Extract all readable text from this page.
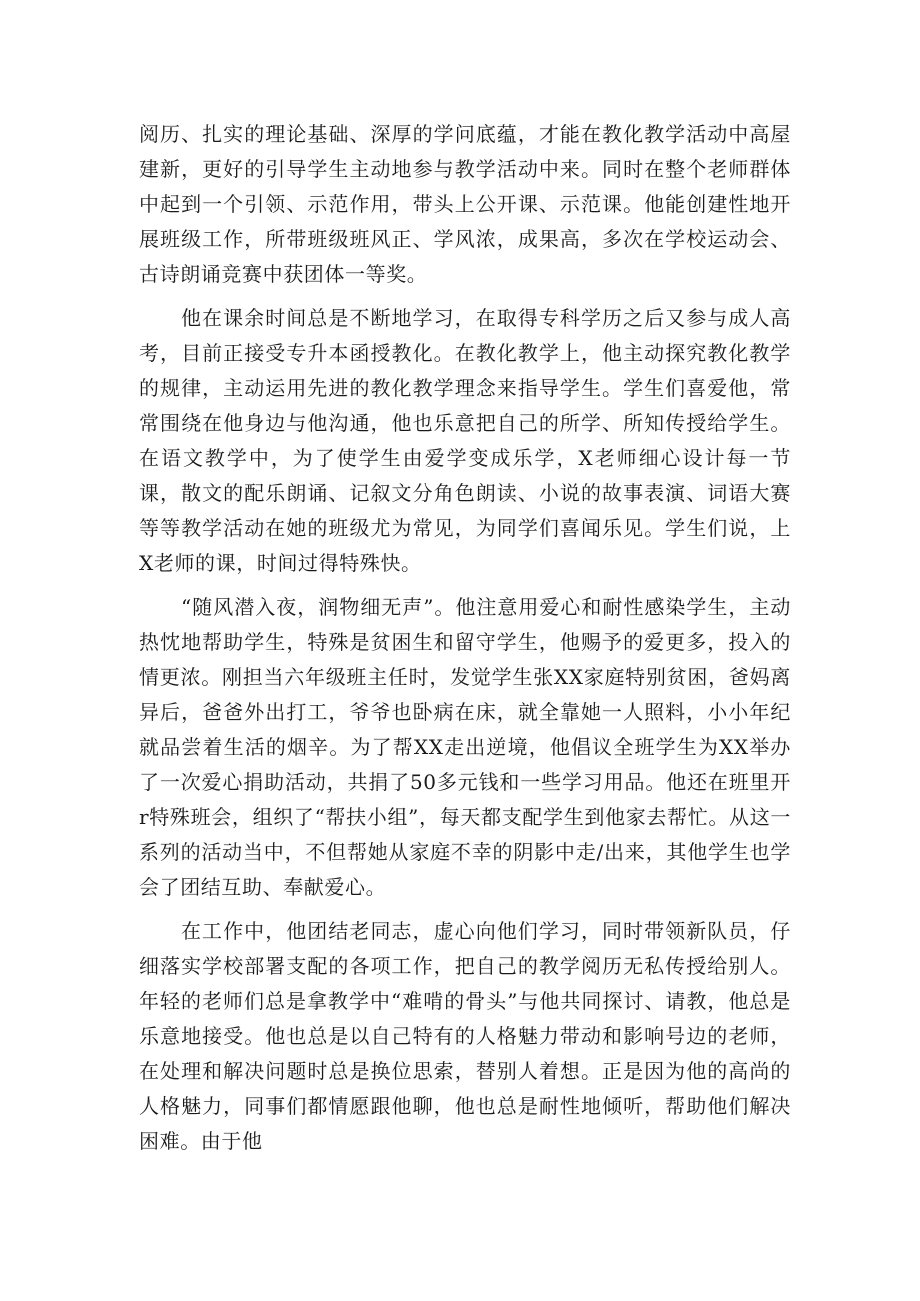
阅历、扎实的理论基础、深厚的学问底蕴，才能在教化教学活动中高屋建新，更好的引导学生主动地参与教学活动中来。同时在整个老师群体中起到一个引领、示范作用，带头上公开课、示范课。他能创建性地开展班级工作，所带班级班风正、学风浓，成果高，多次在学校运动会、古诗朗诵竞赛中获团体一等奖。

他在课余时间总是不断地学习，在取得专科学历之后又参与成人高考，目前正接受专升本函授教化。在教化教学上，他主动探究教化教学的规律，主动运用先进的教化教学理念来指导学生。学生们喜爱他，常常围绕在他身边与他沟通，他也乐意把自己的所学、所知传授给学生。在语文教学中，为了使学生由爱学变成乐学，X老师细心设计每一节课，散文的配乐朗诵、记叙文分角色朗读、小说的故事表演、词语大赛等等教学活动在她的班级尤为常见，为同学们喜闻乐见。学生们说，上X老师的课，时间过得特殊快。

“随风潜入夜，润物细无声”。他注意用爱心和耐性感染学生，主动热忱地帮助学生，特殊是贫困生和留守学生，他赐予的爱更多，投入的情更浓。刚担当六年级班主任时，发觉学生张XX家庭特别贫困，爸妈离异后，爸爸外出打工，爷爷也卧病在床，就全靠她一人照料，小小年纪就品尝着生活的烟辛。为了帮XX走出逆境，他倡议全班学生为XX举办了一次爱心捐助活动，共捐了50多元钱和一些学习用品。他还在班里开r特殊班会，组织了“帮扶小组”，每天都支配学生到他家去帮忙。从这一系列的活动当中，不但帮她从家庭不幸的阴影中走/出来，其他学生也学会了团结互助、奉献爱心。

在工作中，他团结老同志，虚心向他们学习，同时带领新队员，仔细落实学校部署支配的各项工作，把自己的教学阅历无私传授给别人。年轻的老师们总是拿教学中“难啃的骨头”与他共同探讨、请教，他总是乐意地接受。他也总是以自己特有的人格魅力带动和影响号边的老师，在处理和解决问题时总是换位思索，替别人着想。正是因为他的高尚的人格魅力，同事们都情愿跟他聊，他也总是耐性地倾听，帮助他们解决困难。由于他
